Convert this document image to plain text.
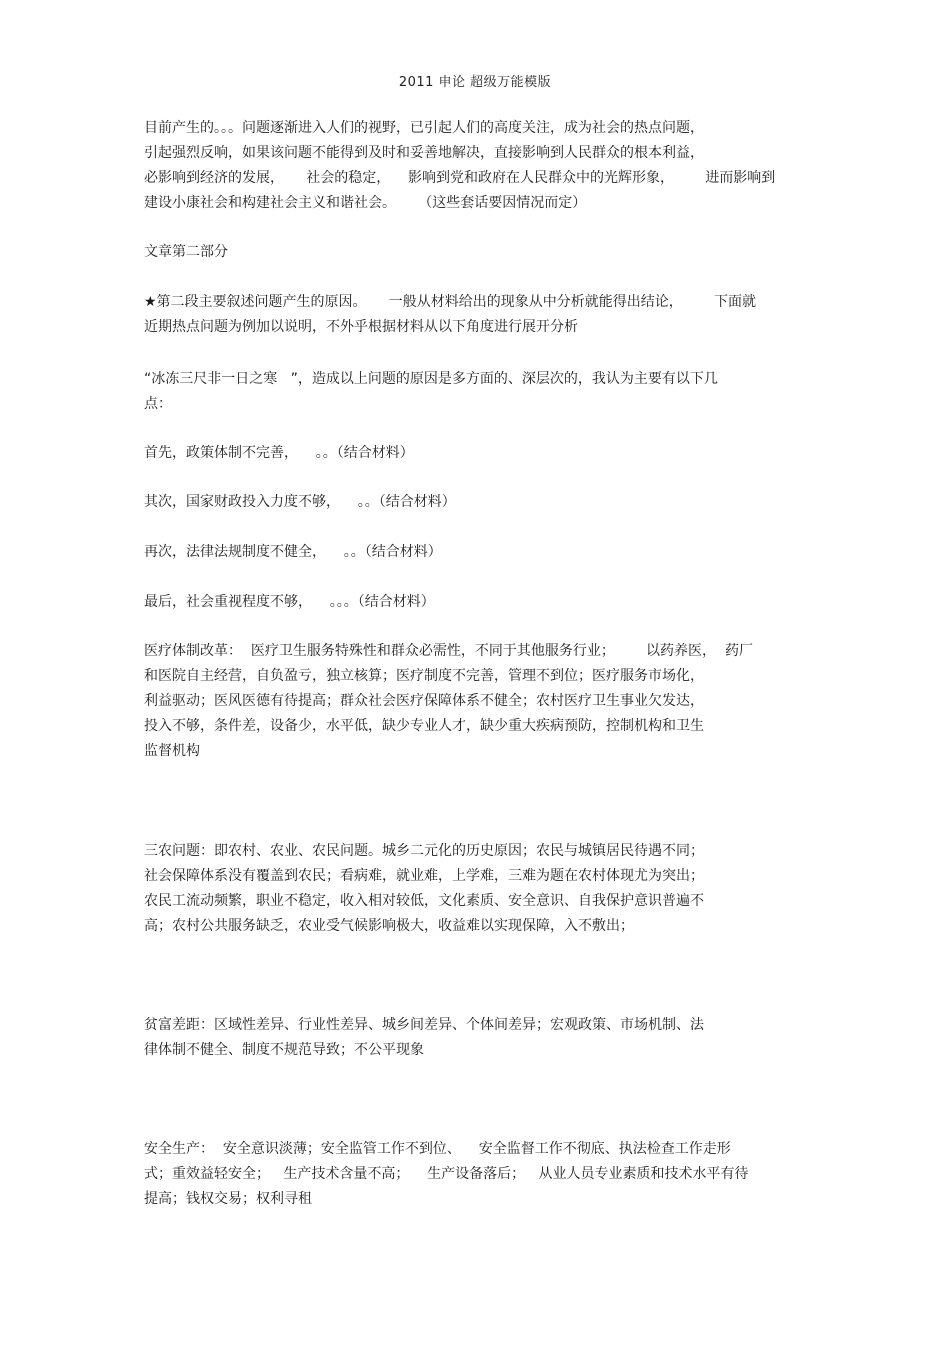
2011 申论 超级万能模版
目前产生的。。。问题逐渐进入人们的视野，已引起人们的高度关注，成为社会的热点问题，
引起强烈反响，如果该问题不能得到及时和妥善地解决，直接影响到人民群众的根本利益，
必影响到经济的发展，     社会的稳定，    影响到党和政府在人民群众中的光辉形象，       进而影响到
建设小康社会和构建社会主义和谐社会。     （这些套话要因情况而定）
文章第二部分
★第二段主要叙述问题产生的原因。     一般从材料给出的现象从中分析就能得出结论，       下面就
近期热点问题为例加以说明，不外乎根据材料从以下角度进行展开分析
“冰冻三尺非一日之寒   ”，造成以上问题的原因是多方面的、深层次的，我认为主要有以下几
点：
首先，政策体制不完善，    。。（结合材料）
其次，国家财政投入力度不够，    。。（结合材料）
再次，法律法规制度不健全，    。。（结合材料）
最后，社会重视程度不够，    。。。（结合材料）
医疗体制改革：  医疗卫生服务特殊性和群众必需性，不同于其他服务行业；       以药养医，  药厂
和医院自主经营，自负盈亏，独立核算；医疗制度不完善，管理不到位；医疗服务市场化，
利益驱动；医风医德有待提高；群众社会医疗保障体系不健全；农村医疗卫生事业欠发达，
投入不够，条件差，设备少，水平低，缺少专业人才，缺少重大疾病预防，控制机构和卫生
监督机构
三农问题：即农村、农业、农民问题。城乡二元化的历史原因；农民与城镇居民待遇不同；
社会保障体系没有覆盖到农民；看病难，就业难，上学难，三难为题在农村体现尤为突出；
农民工流动频繁，职业不稳定，收入相对较低，文化素质、安全意识、自我保护意识普遍不
高；农村公共服务缺乏，农业受气候影响极大，收益难以实现保障，入不敷出；
贫富差距：区域性差异、行业性差异、城乡间差异、个体间差异；宏观政策、市场机制、法
律体制不健全、制度不规范导致；不公平现象
安全生产：  安全意识淡薄；安全监管工作不到位、    安全监督工作不彻底、执法检查工作走形
式；重效益轻安全；   生产技术含量不高；    生产设备落后；   从业人员专业素质和技术水平有待
提高；钱权交易；权利寻租
